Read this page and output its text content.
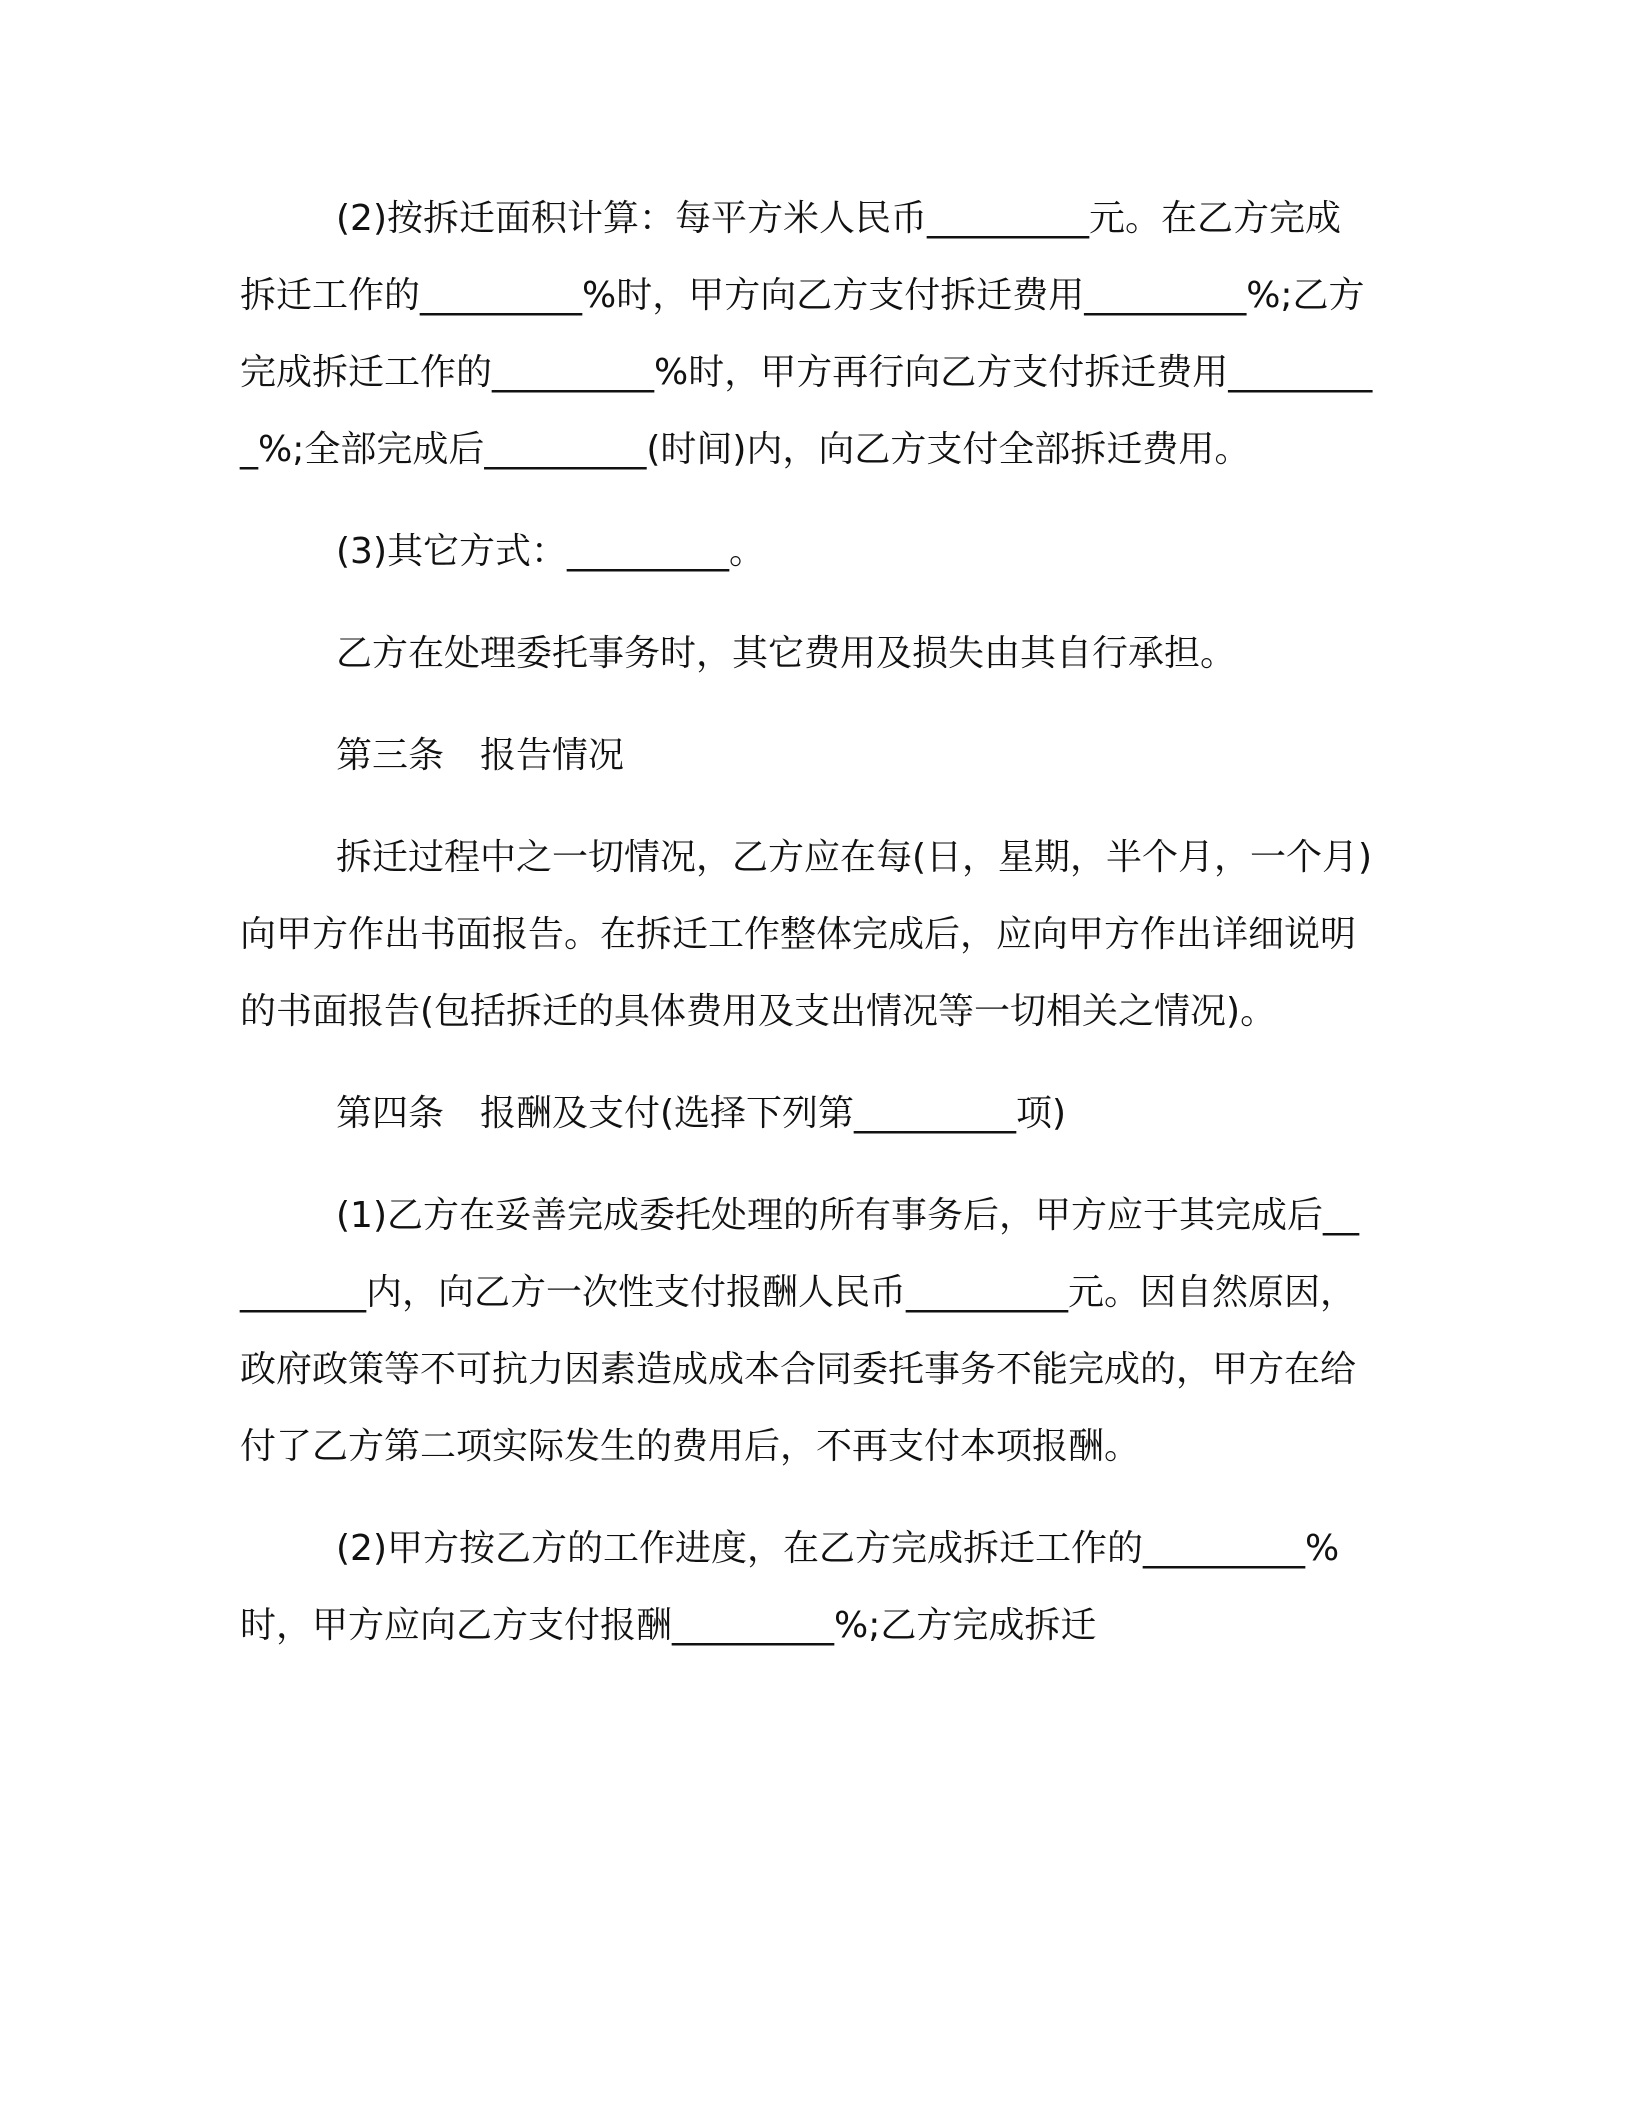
(2)按拆迁面积计算：每平方米人民币_________元。在乙方完成拆迁工作的_________%时，甲方向乙方支付拆迁费用_________%;乙方完成拆迁工作的_________%时，甲方再行向乙方支付拆迁费用_________%;全部完成后_________(时间)内，向乙方支付全部拆迁费用。

(3)其它方式：_________。

乙方在处理委托事务时，其它费用及损失由其自行承担。

第三条　报告情况

拆迁过程中之一切情况，乙方应在每(日，星期，半个月，一个月)向甲方作出书面报告。在拆迁工作整体完成后，应向甲方作出详细说明的书面报告(包括拆迁的具体费用及支出情况等一切相关之情况)。

第四条　报酬及支付(选择下列第_________项)

(1)乙方在妥善完成委托处理的所有事务后，甲方应于其完成后_________内，向乙方一次性支付报酬人民币_________元。因自然原因，政府政策等不可抗力因素造成成本合同委托事务不能完成的，甲方在给付了乙方第二项实际发生的费用后，不再支付本项报酬。

(2)甲方按乙方的工作进度，在乙方完成拆迁工作的_________%时，甲方应向乙方支付报酬_________%;乙方完成拆迁
